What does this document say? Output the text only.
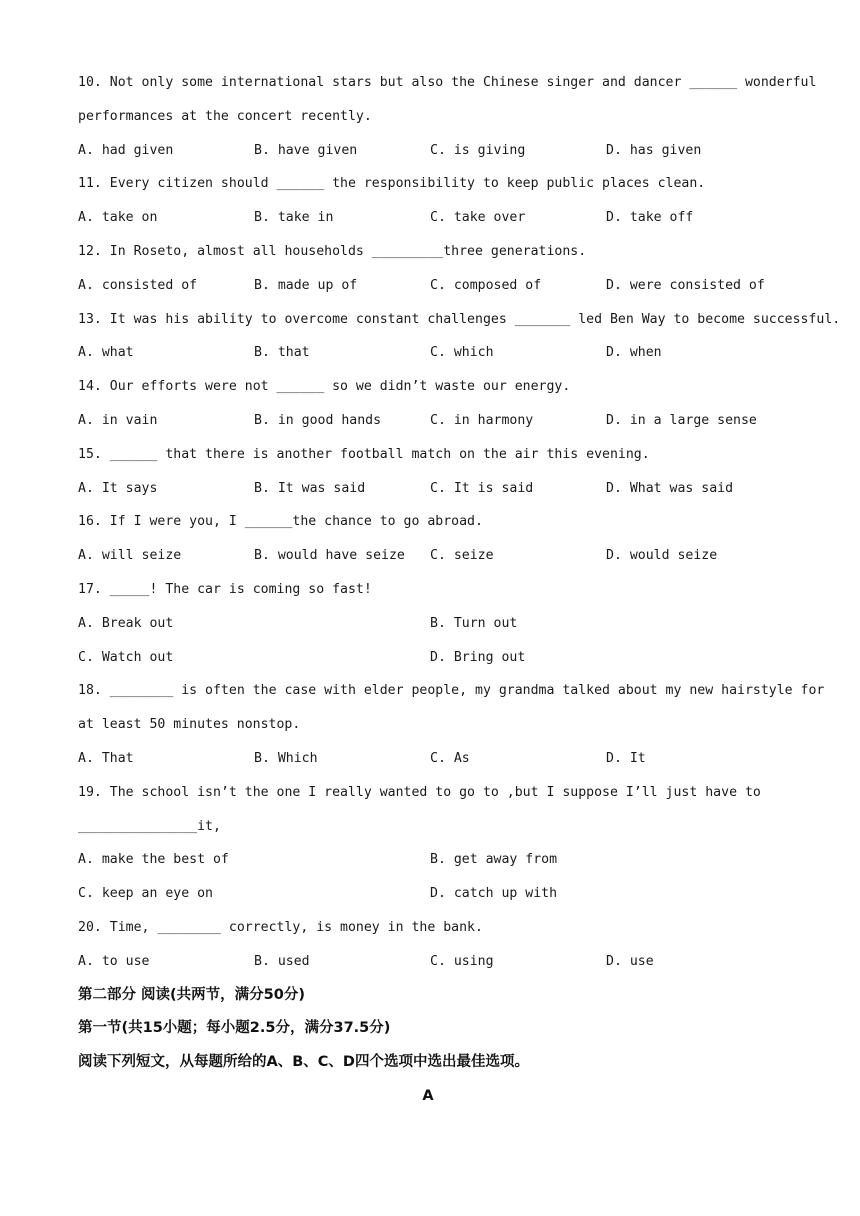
10. Not only some international stars but also the Chinese singer and dancer ______ wonderful
performances at the concert recently.
A. had given	B. have given	C. is giving	D. has given
11. Every citizen should ______ the responsibility to keep public places clean.
A. take on	B. take in	C. take over	D. take off
12. In Roseto, almost all households _________three generations.
A. consisted of	B. made up of	C. composed of	D. were consisted of
13. It was his ability to overcome constant challenges _______ led Ben Way to become successful.
A. what	B. that	C. which	D. when
14. Our efforts were not ______ so we didn’t waste our energy.
A. in vain	B. in good hands	C. in harmony	D. in a large sense
15. ______ that there is another football match on the air this evening.
A. It says	B. It was said	C. It is said	D. What was said
16. If I were you, I ______the chance to go abroad.
A. will seize	B. would have seize	C. seize	D. would seize
17. _____! The car is coming so fast!
A. Break out	B. Turn out
C. Watch out	D. Bring out
18. ________ is often the case with elder people, my grandma talked about my new hairstyle for
at least 50 minutes nonstop.
A. That	B. Which	C. As	D. It
19. The school isn’t the one I really wanted to go to ,but I suppose I’ll just have to
_______________it,
A. make the best of	B. get away from
C. keep an eye on	D. catch up with
20. Time, ________ correctly, is money in the bank.
A. to use	B. used	C. using	D. use
第二部分 阅读(共两节，满分50分)
第一节(共15小题；每小题2.5分，满分37.5分)
阅读下列短文，从每题所给的A、B、C、D四个选项中选出最佳选项。
A
